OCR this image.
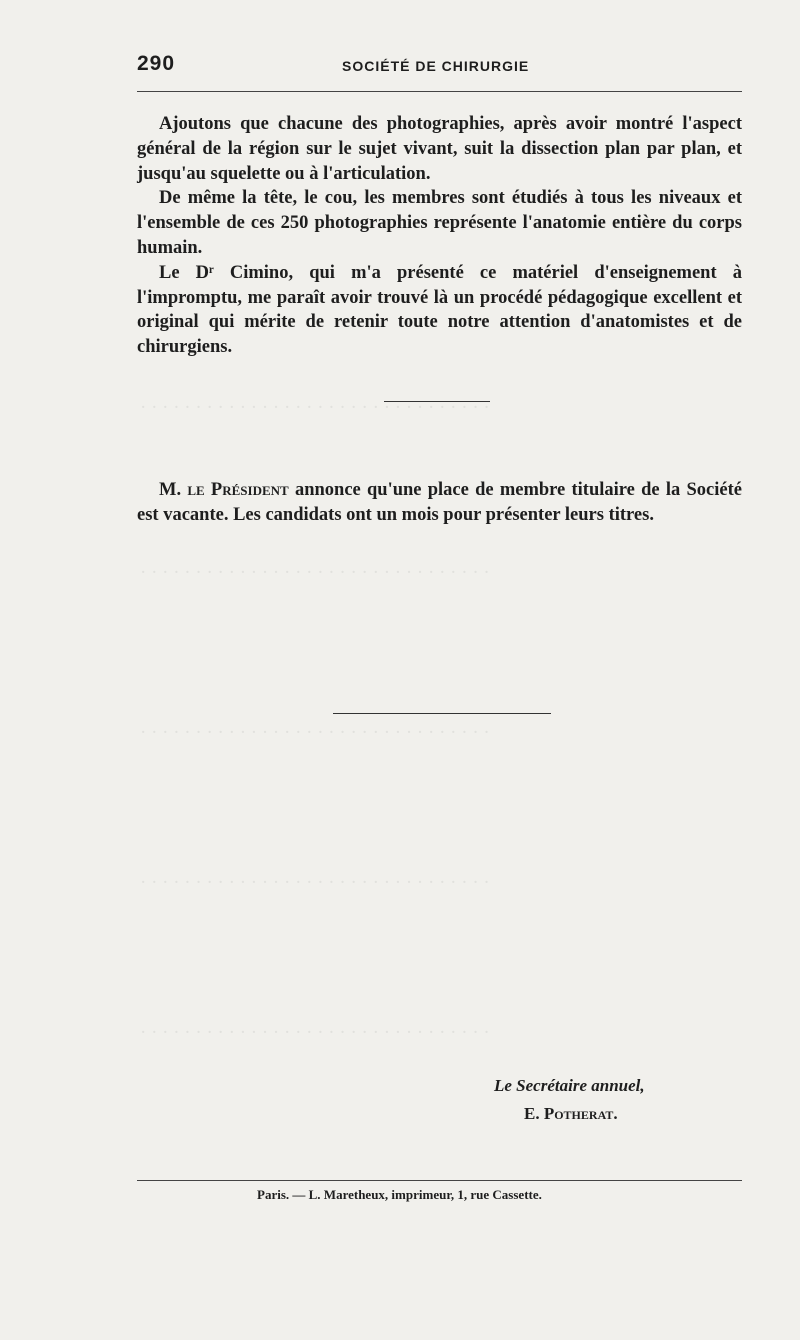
· · · · · · · · · · · · · · · · · · · · · · · · · · · · · · · ·
· · · · · · · · · · · · · · · · · · · · · · · · · · · · · · · ·
· · · · · · · · · · · · · · · · · · · · · · · · · · · · · · · ·
· · · · · · · · · · · · · · · · · · · · · · · · · · · · · · · ·
· · · · · · · · · · · · · · · · · · · · · · · · · · · · · · · ·
290	SOCIÉTÉ DE CHIRURGIE

Ajoutons que chacune des photographies, après avoir montré l'aspect général de la région sur le sujet vivant, suit la dissection plan par plan, et jusqu'au squelette ou à l'articulation.

De même la tête, le cou, les membres sont étudiés à tous les niveaux et l'ensemble de ces 250 photographies représente l'anatomie entière du corps humain.

Le Dʳ Cimino, qui m'a présenté ce matériel d'enseignement à l'impromptu, me paraît avoir trouvé là un procédé pédagogique excellent et original qui mérite de retenir toute notre attention d'anatomistes et de chirurgiens.

M. le Président annonce qu'une place de membre titulaire de la Société est vacante. Les candidats ont un mois pour présenter leurs titres.

Le Secrétaire annuel,
E. Potherat.
Paris. — L. Maretheux, imprimeur, 1, rue Cassette.
